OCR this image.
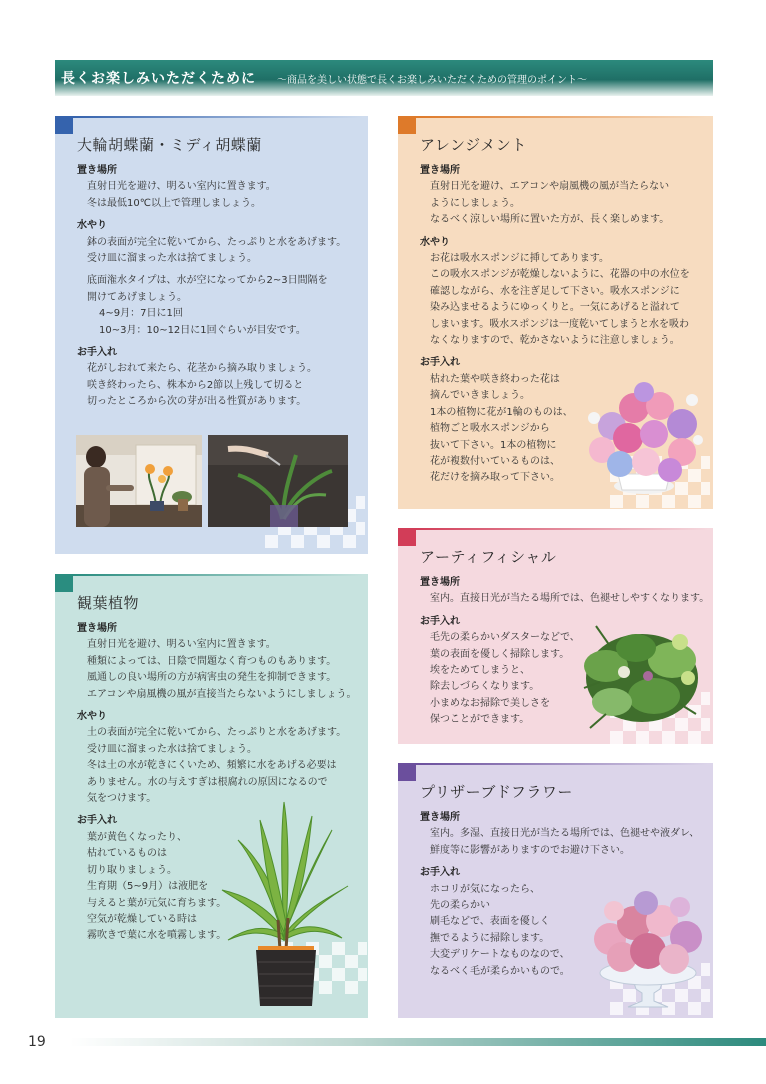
長くお楽しみいただくために 〜商品を美しい状態で長くお楽しみいただくための管理のポイント〜
大輪胡蝶蘭・ミディ胡蝶蘭
置き場所
直射日光を避け、明るい室内に置きます。
冬は最低10℃以上で管理しましょう。
水やり
鉢の表面が完全に乾いてから、たっぷりと水をあげます。
受け皿に溜まった水は捨てましょう。
底面潅水タイプは、水が空になってから2~3日間隔を
開けてあげましょう。
4~9月：7日に1回
10~3月：10~12日に1回ぐらいが目安です。
お手入れ
花がしおれて来たら、花茎から摘み取りましょう。
咲き終わったら、株本から2節以上残して切ると
切ったところから次の芽が出る性質があります。
観葉植物
置き場所
直射日光を避け、明るい室内に置きます。
種類によっては、日陰で問題なく育つものもあります。
風通しの良い場所の方が病害虫の発生を抑制できます。
エアコンや扇風機の風が直接当たらないようにしましょう。
水やり
土の表面が完全に乾いてから、たっぷりと水をあげます。
受け皿に溜まった水は捨てましょう。
冬は土の水が乾きにくいため、頻繁に水をあげる必要は
ありません。水の与えすぎは根腐れの原因になるので
気をつけます。
お手入れ
葉が黄色くなったり、
枯れているものは
切り取りましょう。
生育期（5~9月）は液肥を
与えると葉が元気に育ちます。
空気が乾燥している時は
霧吹きで葉に水を噴霧します。
アレンジメント
置き場所
直射日光を避け、エアコンや扇風機の風が当たらない
ようにしましょう。
なるべく涼しい場所に置いた方が、長く楽しめます。
水やり
お花は吸水スポンジに挿してあります。
この吸水スポンジが乾燥しないように、花器の中の水位を
確認しながら、水を注ぎ足して下さい。吸水スポンジに
染み込ませるようにゆっくりと。一気にあげると溢れて
しまいます。吸水スポンジは一度乾いてしまうと水を吸わ
なくなりますので、乾かさないように注意しましょう。
お手入れ
枯れた葉や咲き終わった花は
摘んでいきましょう。
1本の植物に花が1輪のものは、
植物ごと吸水スポンジから
抜いて下さい。1本の植物に
花が複数付いているものは、
花だけを摘み取って下さい。
アーティフィシャル
置き場所
室内。直接日光が当たる場所では、色褪せしやすくなります。
お手入れ
毛先の柔らかいダスターなどで、
葉の表面を優しく掃除します。
埃をためてしまうと、
除去しづらくなります。
小まめなお掃除で美しさを
保つことができます。
プリザーブドフラワー
置き場所
室内。多湿、直接日光が当たる場所では、色褪せや液ダレ、
鮮度等に影響がありますのでお避け下さい。
お手入れ
ホコリが気になったら、
先の柔らかい
刷毛などで、表面を優しく
撫でるように掃除します。
大変デリケートなものなので、
なるべく毛が柔らかいもので。
19
